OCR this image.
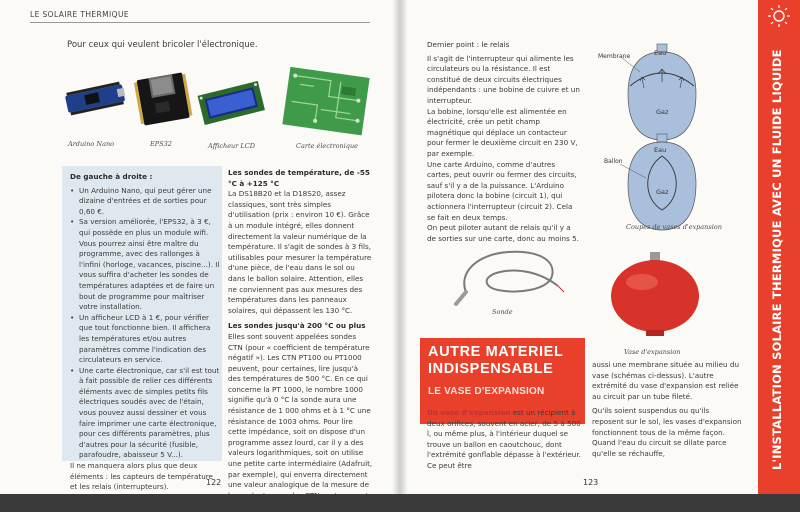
LE SOLAIRE THERMIQUE
Pour ceux qui veulent bricoler l'électronique.
Arduino Nano	EPS32	Afficheur LCD	Carte électronique

De gauche à droite :

• Un Arduino Nano, qui peut gérer une dizaine d'entrées et de sorties pour 0,60 €.
• Sa version améliorée, l'EPS32, à 3 €, qui possède en plus un module wifi. Vous pourrez ainsi être maître du programme, avec des rallonges à l'infini (horloge, vacances, piscine...). Il vous suffira d'acheter les sondes de températures adaptées et de faire un bout de programme pour maîtriser votre installation.
• Un afficheur LCD à 1 €, pour vérifier que tout fonctionne bien. Il affichera les températures et/ou autres paramètres comme l'indication des circulateurs en service.
• Une carte électronique, car s'il est tout à fait possible de relier ces différents éléments avec de simples petits fils électriques soudés avec de l'étain, vous pouvez aussi dessiner et vous faire imprimer une carte électronique, pour ces différents paramètres, plus d'autres pour la sécurité (fusible, parafoudre, abaisseur 5 V...).

Il ne manquera alors plus que deux éléments : les capteurs de température et les relais (interrupteurs).

Les sondes de température, de -55 °C à +125 °C

La DS18B20 et la D18S20, assez classiques, sont très simples d'utilisation (prix : environ 10 €). Grâce à un module intégré, elles donnent directement la valeur numérique de la température. Il s'agit de sondes à 3 fils, utilisables pour mesurer la température d'une pièce, de l'eau dans le sol ou dans le ballon solaire. Attention, elles ne conviennent pas aux mesures des températures dans les panneaux solaires, qui dépassent les 130 °C.

Les sondes jusqu'à 200 °C ou plus

Elles sont souvent appelées sondes CTN (pour « coefficient de température négatif »). Les CTN PT100 ou PT1000 peuvent, pour certaines, lire jusqu'à des températures de 500 °C. En ce qui concerne la PT 1000, le nombre 1000 signifie qu'à 0 °C la sonde aura une résistance de 1 000 ohms et à 1 °C une résistance de 1003 ohms. Pour lire cette impédance, soit on dispose d'un programme assez lourd, car il y a des valeurs logarithmiques, soit on utilise une petite carte intermédiaire (Adafruit, par exemple), qui enverra directement une valeur analogique de la mesure de la sonde. Les sondes CTN sont souvent utilisées pour leur stabilité de lecture.

122

Dernier point : le relais

Il s'agit de l'interrupteur qui alimente les circulateurs ou la résistance. Il est constitué de deux circuits électriques indépendants : une bobine de cuivre et un interrupteur.

La bobine, lorsqu'elle est alimentée en électricité, crée un petit champ magnétique qui déplace un contacteur pour fermer le deuxième circuit en 230 V, par exemple.

Une carte Arduino, comme d'autres cartes, peut ouvrir ou fermer des circuits, sauf s'il y a de la puissance. L'Arduino pilotera donc la bobine (circuit 1), qui actionnera l'interrupteur (circuit 2). Cela se fait en deux temps.

On peut piloter autant de relais qu'il y a de sorties sur une carte, donc au moins 5.

Membrane	Eau
Gaz
Eau
Ballon
Gaz
Coupes de vases d'expansion
Sonde
Vase d'expansion
AUTRE MATERIEL
INDISPENSABLE
LE VASE D'EXPANSION

Un vase d'expansion est un récipient à deux orifices, souvent en acier, de 5 à 500 l, ou même plus, à l'intérieur duquel se trouve un ballon en caoutchouc, dont l'extrémité gonflable dépasse à l'extérieur. Ce peut être

aussi une membrane située au milieu du vase (schémas ci-dessus). L'autre extrémité du vase d'expansion est reliée au circuit par un tube fileté.

Qu'ils soient suspendus ou qu'ils reposent sur le sol, les vases d'expansion fonctionnent tous de la même façon. Quand l'eau du circuit se dilate parce qu'elle se réchauffe,

123
L'INSTALLATION SOLAIRE THERMIQUE AVEC UN FLUIDE LIQUIDE
